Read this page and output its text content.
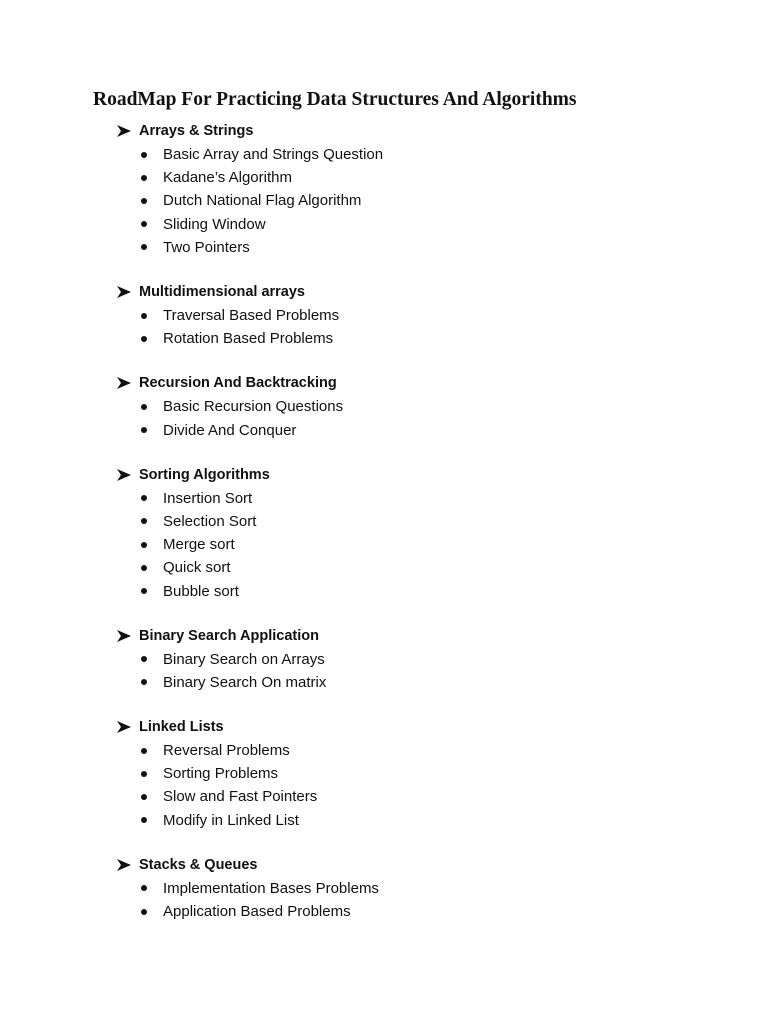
RoadMap For Practicing Data Structures And Algorithms
Arrays & Strings
Basic Array and Strings Question
Kadane’s Algorithm
Dutch National Flag Algorithm
Sliding Window
Two Pointers
Multidimensional arrays
Traversal Based Problems
Rotation Based Problems
Recursion And Backtracking
Basic Recursion Questions
Divide And Conquer
Sorting Algorithms
Insertion Sort
Selection Sort
Merge sort
Quick sort
Bubble sort
Binary Search Application
Binary Search on Arrays
Binary Search On matrix
Linked Lists
Reversal Problems
Sorting Problems
Slow and Fast Pointers
Modify in Linked List
Stacks & Queues
Implementation Bases Problems
Application Based Problems
